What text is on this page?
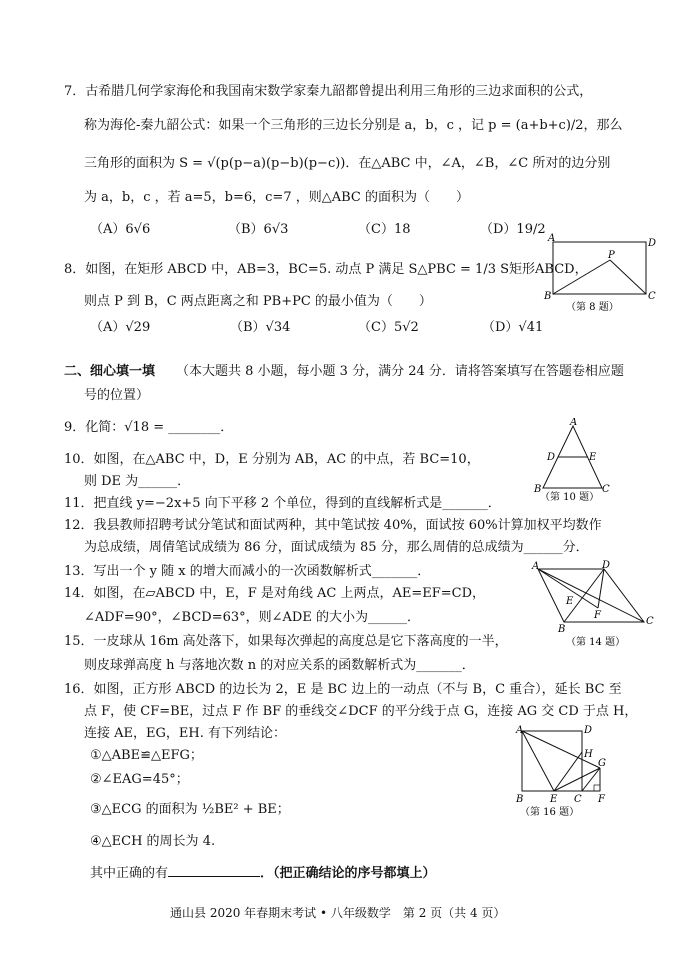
7．古希腊几何学家海伦和我国南宋数学家秦九韶都曾提出利用三角形的三边求面积的公式，
称为海伦-秦九韶公式：如果一个三角形的三边长分别是 a，b，c ，记 p = (a+b+c)/2，那么
三角形的面积为 S = √(p(p−a)(p−b)(p−c))．在△ABC 中，∠A，∠B，∠C 所对的边分别
为 a，b，c ，若 a=5，b=6，c=7 ，则△ABC 的面积为（　　）
（A）6√6	（B）6√3	（C）18	（D）19/2
8．如图，在矩形 ABCD 中，AB=3，BC=5. 动点 P 满足 S△PBC = 1/3 S矩形ABCD，
则点 P 到 B，C 两点距离之和 PB+PC 的最小值为（　　）
（A）√29	（B）√34	（C）5√2	（D）√41
A	D
B	C
P
（第 8 题）
二、细心填一填 （本大题共 8 小题，每小题 3 分，满分 24 分．请将答案填写在答题卷相应题
号的位置）
9．化简：√18 = ________．
10．如图，在△ABC 中，D，E 分别为 AB，AC 的中点，若 BC=10，
则 DE 为______．
A
D	E
B	C
（第 10 题）
11．把直线 y=−2x+5 向下平移 2 个单位，得到的直线解析式是_______．
12．我县教师招聘考试分笔试和面试两种，其中笔试按 40%，面试按 60%计算加权平均数作
为总成绩，周倩笔试成绩为 86 分，面试成绩为 85 分，那么周倩的总成绩为______分．
13．写出一个 y 随 x 的增大而减小的一次函数解析式_______．
14．如图，在▱ABCD 中，E，F 是对角线 AC 上两点，AE=EF=CD，
∠ADF=90°，∠BCD=63°，则∠ADE 的大小为______．
A	D
B
C
E
F
（第 14 题）
15．一皮球从 16m 高处落下，如果每次弹起的高度总是它下落高度的一半，
则皮球弹高度 h 与落地次数 n 的对应关系的函数解析式为_______．
16．如图，正方形 ABCD 的边长为 2，E 是 BC 边上的一动点（不与 B，C 重合），延长 BC 至
点 F，使 CF=BE，过点 F 作 BF 的垂线交∠DCF 的平分线于点 G，连接 AG 交 CD 于点 H，
连接 AE，EG，EH. 有下列结论：
①△ABE≌△EFG；
②∠EAG=45°；
③△ECG 的面积为 ½BE² + BE；
④△ECH 的周长为 4.
其中正确的有	．（把正确结论的序号都填上）
A	D
H
G
B	E C F
（第 16 题）
通山县 2020 年春期末考试 • 八年级数学　第 2 页（共 4 页）
